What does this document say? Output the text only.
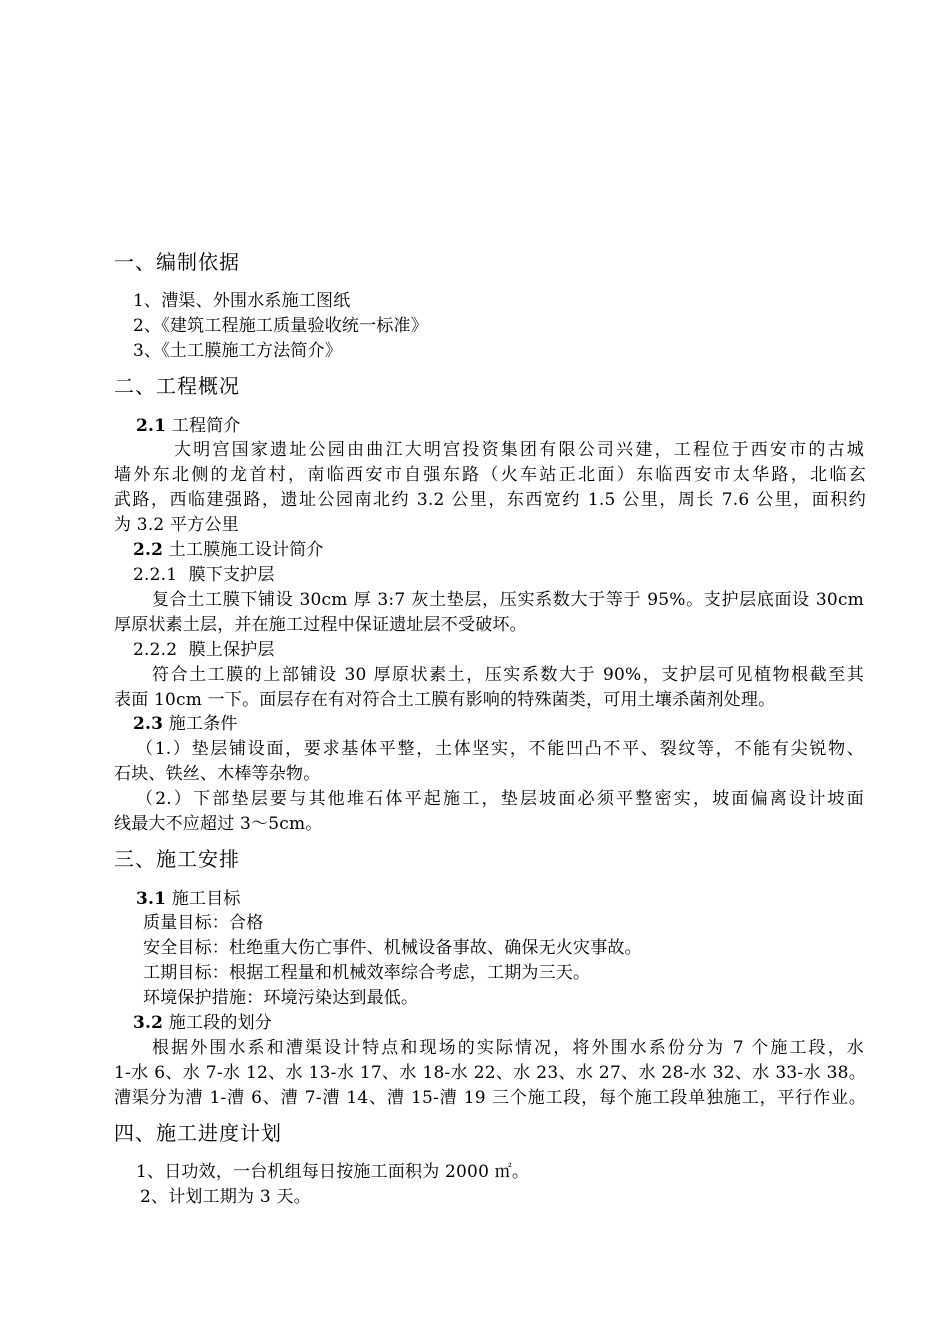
一、编制依据
1、漕渠、外围水系施工图纸
2、《建筑工程施工质量验收统一标准》
3、《土工膜施工方法简介》
二、工程概况
2.1 工程简介
大明宫国家遗址公园由曲江大明宫投资集团有限公司兴建，工程位于西安市的古城
墙外东北侧的龙首村，南临西安市自强东路（火车站正北面）东临西安市太华路，北临玄
武路，西临建强路，遗址公园南北约 3.2 公里，东西宽约 1.5 公里，周长 7.6 公里，面积约
为 3.2 平方公里
2.2 土工膜施工设计简介
2.2.1 膜下支护层
复合土工膜下铺设 30cm 厚 3:7 灰土垫层，压实系数大于等于 95%。支护层底面设 30cm
厚原状素土层，并在施工过程中保证遗址层不受破坏。
2.2.2 膜上保护层
符合土工膜的上部铺设 30 厚原状素土，压实系数大于 90%，支护层可见植物根截至其
表面 10cm 一下。面层存在有对符合土工膜有影响的特殊菌类，可用土壤杀菌剂处理。
2.3 施工条件
（1.）垫层铺设面，要求基体平整，土体坚实，不能凹凸不平、裂纹等，不能有尖锐物、
石块、铁丝、木棒等杂物。
（2.）下部垫层要与其他堆石体平起施工，垫层坡面必须平整密实，坡面偏离设计坡面
线最大不应超过 3～5cm。
三、施工安排
3.1 施工目标
质量目标：合格
安全目标：杜绝重大伤亡事件、机械设备事故、确保无火灾事故。
工期目标：根据工程量和机械效率综合考虑，工期为三天。
环境保护措施：环境污染达到最低。
3.2 施工段的划分
根据外围水系和漕渠设计特点和现场的实际情况，将外围水系份分为 7 个施工段，水
1-水 6、水 7-水 12、水 13-水 17、水 18-水 22、水 23、水 27、水 28-水 32、水 33-水 38。
漕渠分为漕 1-漕 6、漕 7-漕 14、漕 15-漕 19 三个施工段，每个施工段单独施工，平行作业。
四、施工进度计划
1、日功效，一台机组每日按施工面积为 2000 ㎡。
2、计划工期为 3 天。
